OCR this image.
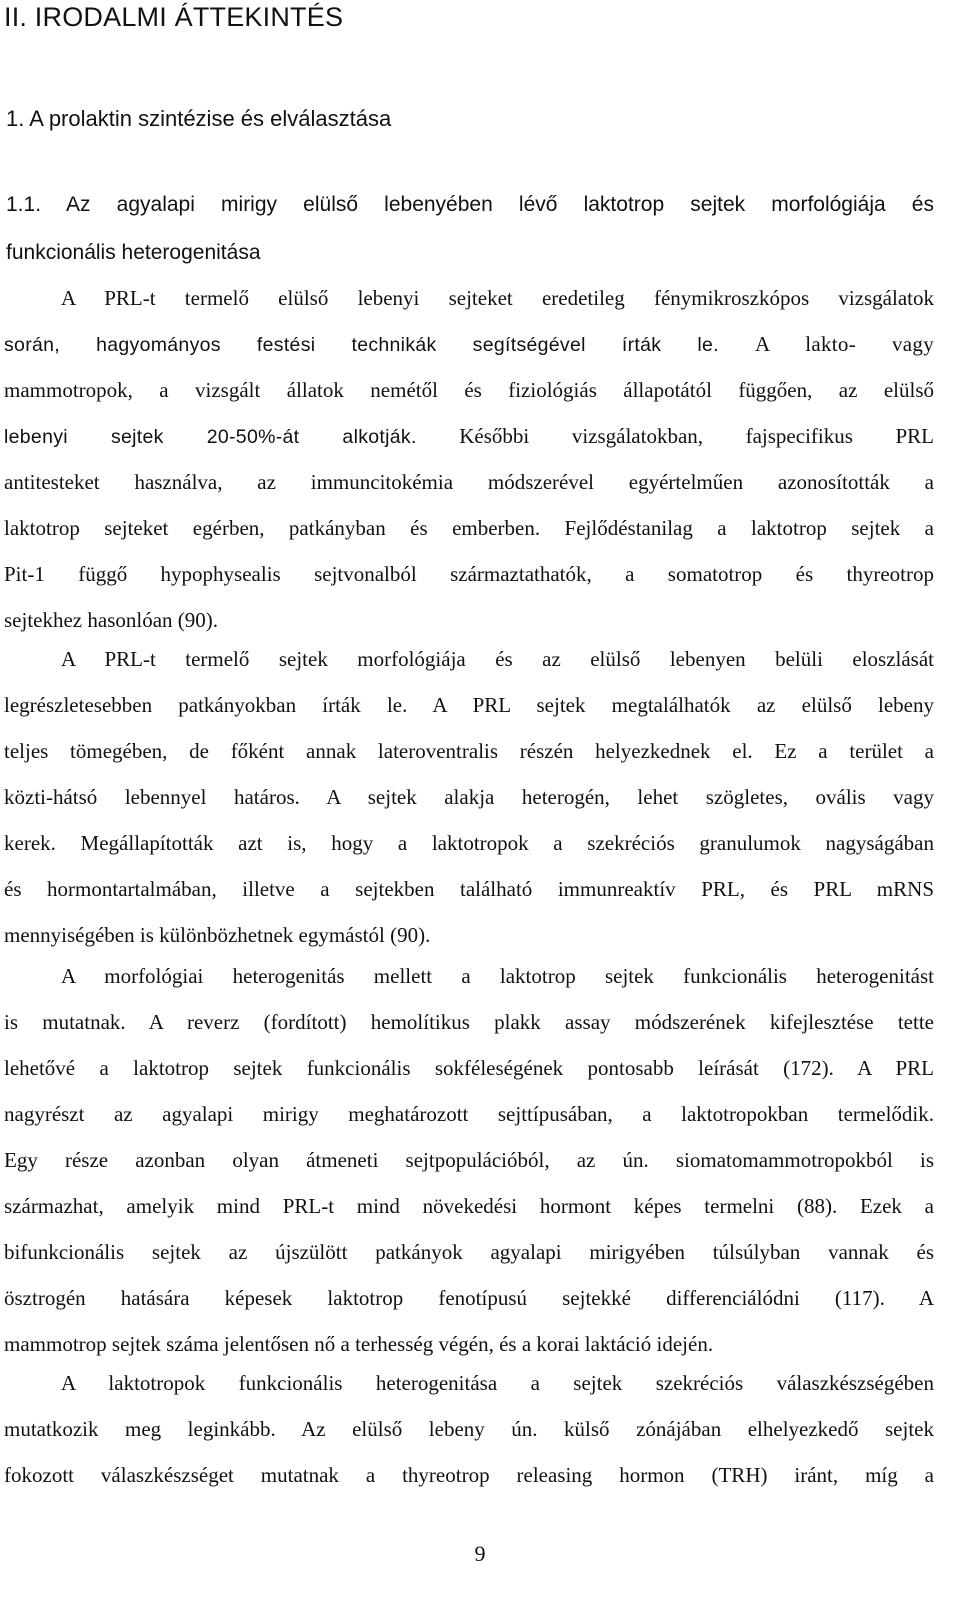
II. IRODALMI ÁTTEKINTÉS
1. A prolaktin szintézise és elválasztása
1.1. Az agyalapi mirigy elülső lebenyében lévő laktotrop sejtek morfológiája és
funkcionális heterogenitása
A PRL-t termelő elülső lebenyi sejteket eredetileg fénymikroszkópos vizsgálatok
során, hagyományos festési technikák segítségével írták le. A lakto- vagy
mammotropok, a vizsgált állatok nemétől és fiziológiás állapotától függően, az elülső
lebenyi sejtek 20-50%-át alkotják. Későbbi vizsgálatokban, fajspecifikus PRL
antitesteket használva, az immuncitokémia módszerével egyértelműen azonosították a
laktotrop sejteket egérben, patkányban és emberben. Fejlődéstanilag a laktotrop sejtek a
Pit-1 függő hypophysealis sejtvonalból származtathatók, a somatotrop és thyreotrop
sejtekhez hasonlóan (90).
A PRL-t termelő sejtek morfológiája és az elülső lebenyen belüli eloszlását
legrészletesebben patkányokban írták le. A PRL sejtek megtalálhatók az elülső lebeny
teljes tömegében, de főként annak lateroventralis részén helyezkednek el. Ez a terület a
közti-hátsó lebennyel határos. A sejtek alakja heterogén, lehet szögletes, ovális vagy
kerek. Megállapították azt is, hogy a laktotropok a szekréciós granulumok nagyságában
és hormontartalmában, illetve a sejtekben található immunreaktív PRL, és PRL mRNS
mennyiségében is különbözhetnek egymástól (90).
A morfológiai heterogenitás mellett a laktotrop sejtek funkcionális heterogenitást
is mutatnak. A reverz (fordított) hemolítikus plakk assay módszerének kifejlesztése tette
lehetővé a laktotrop sejtek funkcionális sokféleségének pontosabb leírását (172). A PRL
nagyrészt az agyalapi mirigy meghatározott sejttípusában, a laktotropokban termelődik.
Egy része azonban olyan átmeneti sejtpopulációból, az ún. siomatomammotropokból is
származhat, amelyik mind PRL-t mind növekedési hormont képes termelni (88). Ezek a
bifunkcionális sejtek az újszülött patkányok agyalapi mirigyében túlsúlyban vannak és
ösztrogén hatására képesek laktotrop fenotípusú sejtekké differenciálódni (117). A
mammotrop sejtek száma jelentősen nő a terhesség végén, és a korai laktáció idején.
A laktotropok funkcionális heterogenitása a sejtek szekréciós válaszkészségében
mutatkozik meg leginkább. Az elülső lebeny ún. külső zónájában elhelyezkedő sejtek
fokozott válaszkészséget mutatnak a thyreotrop releasing hormon (TRH) iránt, míg a
9
